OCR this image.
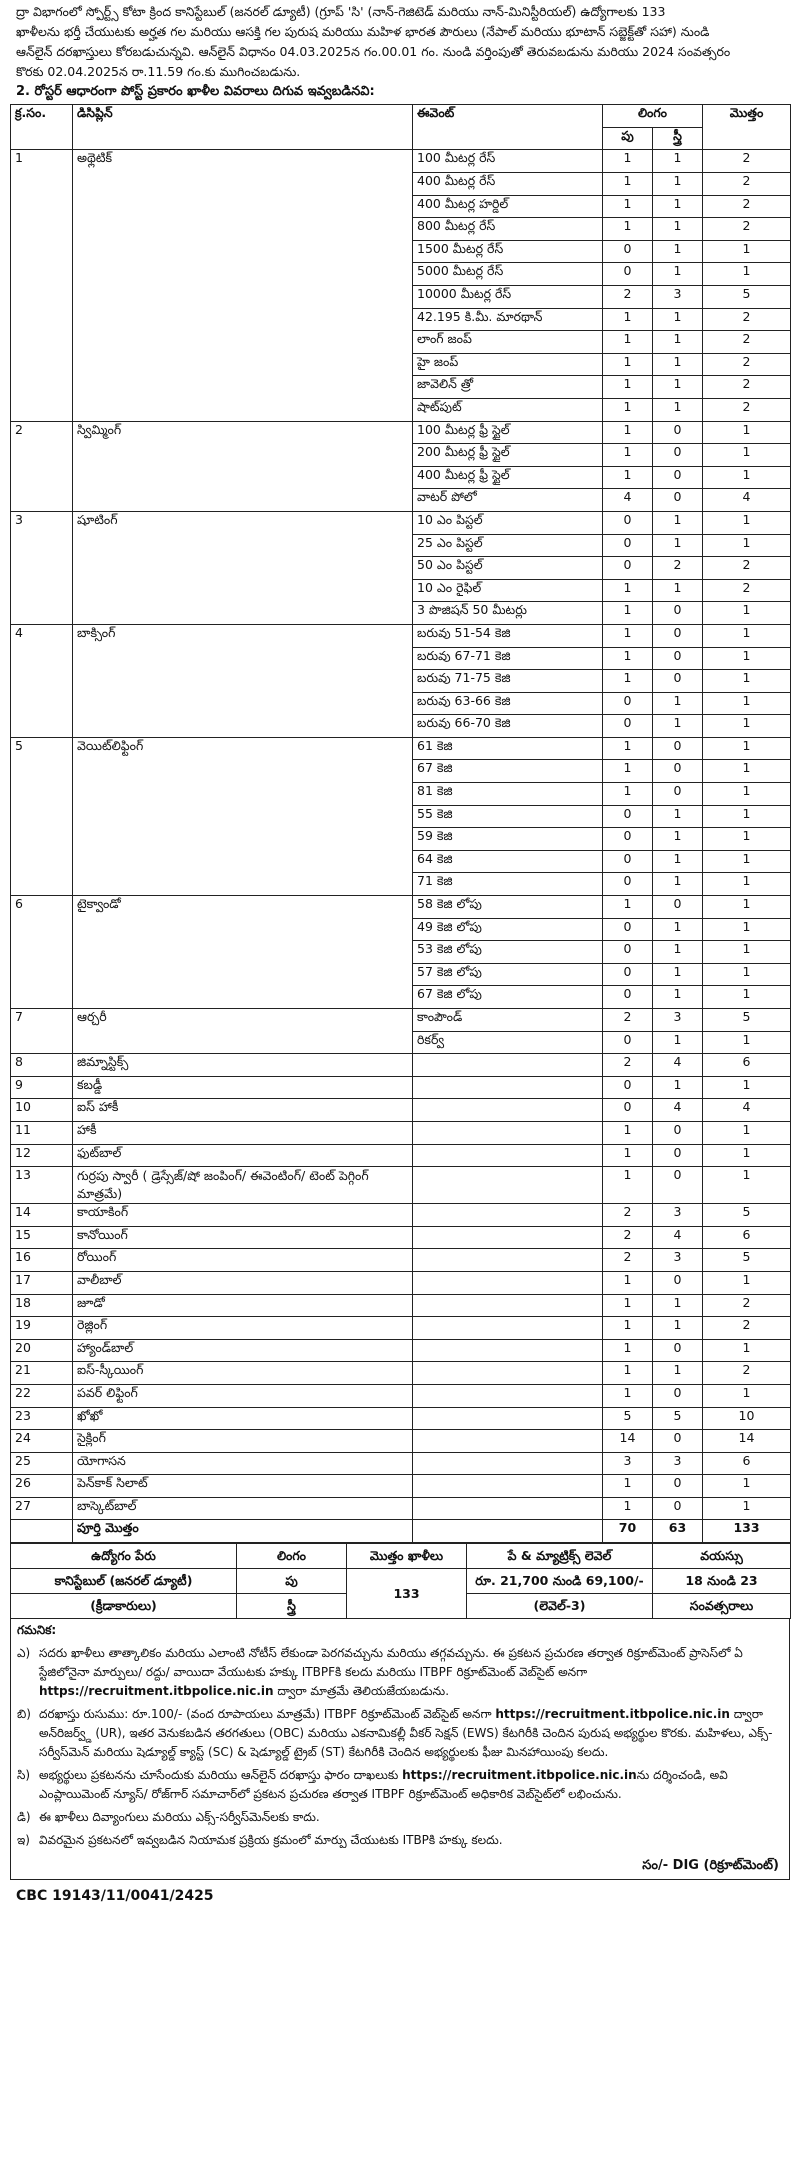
ద్రా విభాగంలో స్పోర్ట్స్ కోటా క్రింద కానిస్టేబుల్ (జనరల్ డ్యూటీ) (గ్రూప్ 'సి' (నాన్-గెజిటెడ్ మరియు నాన్-మినిస్టీరియల్) ఉద్యోగాలకు 133

ఖాళీలను భర్తీ చేయుటకు అర్హత గల మరియు ఆసక్తి గల పురుష మరియు మహిళ భారత పౌరులు (నేపాల్ మరియు భూటాన్ సబ్జెక్ట్‌తో సహా) నుండి

ఆన్‌లైన్ దరఖాస్తులు కోరబడుచున్నవి. ఆన్‌లైన్ విధానం 04.03.2025న గం.00.01 గం. నుండి వర్తింపుతో తెరువబడును మరియు 2024 సంవత్సరం

కొరకు 02.04.2025న రా.11.59 గం.కు ముగించబడును.

2. రోస్టర్ ఆధారంగా పోస్ట్ ప్రకారం ఖాళీల వివరాలు దిగువ ఇవ్వబడినవి:
క్ర.సం.	డిసిప్లిన్	ఈవెంట్	లింగం		మొత్తం
			పు	స్త్రీ	
1	అథ్లెటిక్	100 మీటర్ల రేస్	1	1	2
		400 మీటర్ల రేస్	1	1	2
		400 మీటర్ల హర్డిల్	1	1	2
		800 మీటర్ల రేస్	1	1	2
		1500 మీటర్ల రేస్	0	1	1
		5000 మీటర్ల రేస్	0	1	1
		10000 మీటర్ల రేస్	2	3	5
		42.195 కి.మీ. మారథాన్	1	1	2
		లాంగ్ జంప్	1	1	2
		హై జంప్	1	1	2
		జావెలిన్ త్రో	1	1	2
		షాట్‌పుట్	1	1	2
2	స్విమ్మింగ్	100 మీటర్ల ఫ్రీ స్టైల్	1	0	1
		200 మీటర్ల ఫ్రీ స్టైల్	1	0	1
		400 మీటర్ల ఫ్రీ స్టైల్	1	0	1
		వాటర్ పోలో	4	0	4
3	షూటింగ్	10 ఎం పిస్టల్	0	1	1
		25 ఎం పిస్టల్	0	1	1
		50 ఎం పిస్టల్	0	2	2
		10 ఎం రైఫిల్	1	1	2
		3 పొజిషన్ 50 మీటర్లు	1	0	1
4	బాక్సింగ్	బరువు 51-54 కెజి	1	0	1
		బరువు 67-71 కెజి	1	0	1
		బరువు 71-75 కెజి	1	0	1
		బరువు 63-66 కెజి	0	1	1
		బరువు 66-70 కెజి	0	1	1
5	వెయిట్‌లిఫ్టింగ్	61 కెజి	1	0	1
		67 కెజి	1	0	1
		81 కెజి	1	0	1
		55 కెజి	0	1	1
		59 కెజి	0	1	1
		64 కెజి	0	1	1
		71 కెజి	0	1	1
6	టైక్వాండో	58 కెజి లోపు	1	0	1
		49 కెజి లోపు	0	1	1
		53 కెజి లోపు	0	1	1
		57 కెజి లోపు	0	1	1
		67 కెజి లోపు	0	1	1
7	ఆర్చరీ	కాంపౌండ్	2	3	5
		రికర్వ్	0	1	1
8	జిమ్నాస్టిక్స్		2	4	6
9	కబడ్డీ		0	1	1
10	ఐస్ హాకీ		0	4	4
11	హాకీ		1	0	1
12	ఫుట్‌బాల్		1	0	1
13	గుర్రపు స్వారీ ( డ్రెస్సేజ్/షో జంపింగ్/ ఈవెంటింగ్/ టెంట్ పెగ్గింగ్ మాత్రమే)		1	0	1
14	కాయాకింగ్		2	3	5
15	కానోయింగ్		2	4	6
16	రోయింగ్		2	3	5
17	వాలీబాల్		1	0	1
18	జూడో		1	1	2
19	రెజ్లింగ్		1	1	2
20	హ్యాండ్‌బాల్		1	0	1
21	ఐస్-స్కీయింగ్		1	1	2
22	పవర్ లిఫ్టింగ్		1	0	1
23	ఖోఖో		5	5	10
24	సైక్లింగ్		14	0	14
25	యోగాసన		3	3	6
26	పెన్‌కాక్ సిలాట్		1	0	1
27	బాస్కెట్‌బాల్		1	0	1
	పూర్తి మొత్తం		70	63	133
ఉద్యోగం పేరు	లింగం	మొత్తం ఖాళీలు	పే & మ్యాట్రిక్స్ లెవెల్	వయస్సు
కానిస్టేబుల్ (జనరల్ డ్యూటీ)	పు	133	రూ. 21,700 నుండి 69,100/-	18 నుండి 23
(క్రీడాకారులు)	స్త్రీ		(లెవెల్-3)	సంవత్సరాలు
గమనిక:
ఎ) సదరు ఖాళీలు తాత్కాలికం మరియు ఎలాంటి నోటీస్ లేకుండా పెరగవచ్చును మరియు తగ్గవచ్చును. ఈ ప్రకటన ప్రచురణ తర్వాత రిక్రూట్‌మెంట్ ప్రాసెస్‌లో ఏ స్టేజిలోనైనా మార్పులు/ రద్దు/ వాయిదా వేయుటకు హక్కు ITBPFకి కలదు మరియు ITBPF రిక్రూట్‌మెంట్ వెబ్‌సైట్ అనగా https://recruitment.itbpolice.nic.in ద్వారా మాత్రమే తెలియజేయబడును.
బి) దరఖాస్తు రుసుము: రూ.100/- (వంద రూపాయలు మాత్రమే) ITBPF రిక్రూట్‌మెంట్ వెబ్‌సైట్ అనగా https://recruitment.itbpolice.nic.in ద్వారా అన్‌రిజర్వ్డ్ (UR), ఇతర వెనుకబడిన తరగతులు (OBC) మరియు ఎకనామికల్లీ వీకర్ సెక్షన్ (EWS) కేటగిరీకి చెందిన పురుష అభ్యర్థుల కొరకు. మహిళలు, ఎక్స్-సర్వీస్‌మెన్ మరియు షెడ్యూల్డ్ క్యాస్ట్ (SC) & షెడ్యూల్డ్ ట్రైబ్ (ST) కేటగిరీకి చెందిన అభ్యర్థులకు ఫీజు మినహాయింపు కలదు.
సి) అభ్యర్థులు ప్రకటనను చూసేందుకు మరియు ఆన్‌లైన్ దరఖాస్తు ఫారం దాఖలుకు https://recruitment.itbpolice.nic.inను దర్శించండి, అవి ఎంప్లాయిమెంట్ న్యూస్/ రోజ్‌గార్ సమాచార్‌లో ప్రకటన ప్రచురణ తర్వాత ITBPF రిక్రూట్‌మెంట్ అధికారిక వెబ్‌సైట్‌లో లభించును.
డి) ఈ ఖాళీలు దివ్యాంగులు మరియు ఎక్స్-సర్వీస్‌మెన్‌లకు కాదు.
ఇ) వివరమైన ప్రకటనలో ఇవ్వబడిన నియామక ప్రక్రియ క్రమంలో మార్పు చేయుటకు ITBPకి హక్కు కలదు.
సం/- DIG (రిక్రూట్‌మెంట్)
CBC 19143/11/0041/2425
